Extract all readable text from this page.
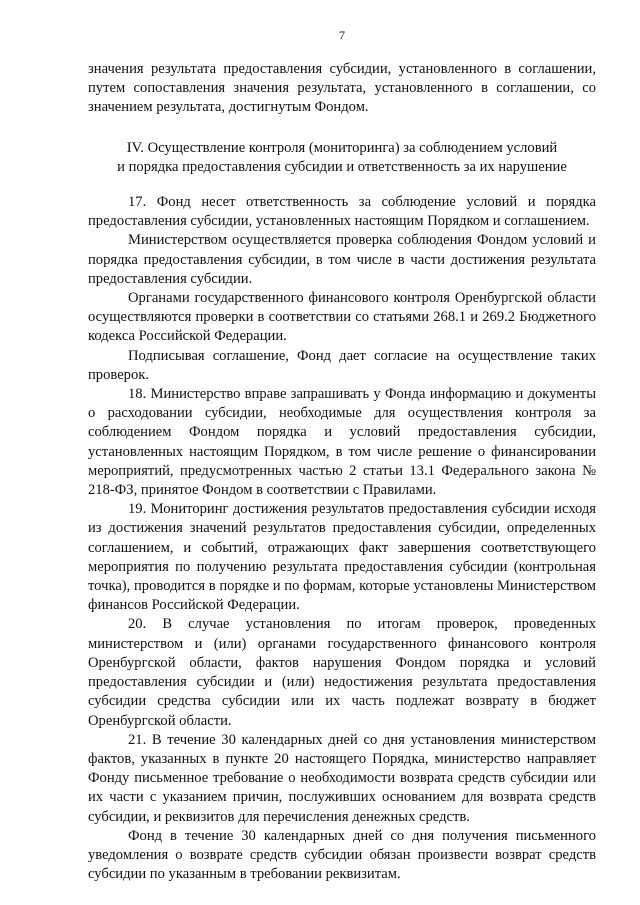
7

значения результата предоставления субсидии, установленного в соглашении, путем сопоставления значения результата, установленного в соглашении, со значением результата, достигнутым Фондом.

IV. Осуществление контроля (мониторинга) за соблюдением условий
и порядка предоставления субсидии и ответственность за их нарушение

17. Фонд несет ответственность за соблюдение условий и порядка предоставления субсидии, установленных настоящим Порядком и соглашением.

Министерством осуществляется проверка соблюдения Фондом условий и порядка предоставления субсидии, в том числе в части достижения результата предоставления субсидии.

Органами государственного финансового контроля Оренбургской области осуществляются проверки в соответствии со статьями 268.1 и 269.2 Бюджетного кодекса Российской Федерации.

Подписывая соглашение, Фонд дает согласие на осуществление таких проверок.

18. Министерство вправе запрашивать у Фонда информацию и документы о расходовании субсидии, необходимые для осуществления контроля за соблюдением Фондом порядка и условий предоставления субсидии, установленных настоящим Порядком, в том числе решение о финансировании мероприятий, предусмотренных частью 2 статьи 13.1 Федерального закона № 218-ФЗ, принятое Фондом в соответствии с Правилами.

19. Мониторинг достижения результатов предоставления субсидии исходя из достижения значений результатов предоставления субсидии, определенных соглашением, и событий, отражающих факт завершения соответствующего мероприятия по получению результата предоставления субсидии (контрольная точка), проводится в порядке и по формам, которые установлены Министерством финансов Российской Федерации.

20. В случае установления по итогам проверок, проведенных министерством и (или) органами государственного финансового контроля Оренбургской области, фактов нарушения Фондом порядка и условий предоставления субсидии и (или) недостижения результата предоставления субсидии средства субсидии или их часть подлежат возврату в бюджет Оренбургской области.

21. В течение 30 календарных дней со дня установления министерством фактов, указанных в пункте 20 настоящего Порядка, министерство направляет Фонду письменное требование о необходимости возврата средств субсидии или их части с указанием причин, послуживших основанием для возврата средств субсидии, и реквизитов для перечисления денежных средств.

Фонд в течение 30 календарных дней со дня получения письменного уведомления о возврате средств субсидии обязан произвести возврат средств субсидии по указанным в требовании реквизитам.
